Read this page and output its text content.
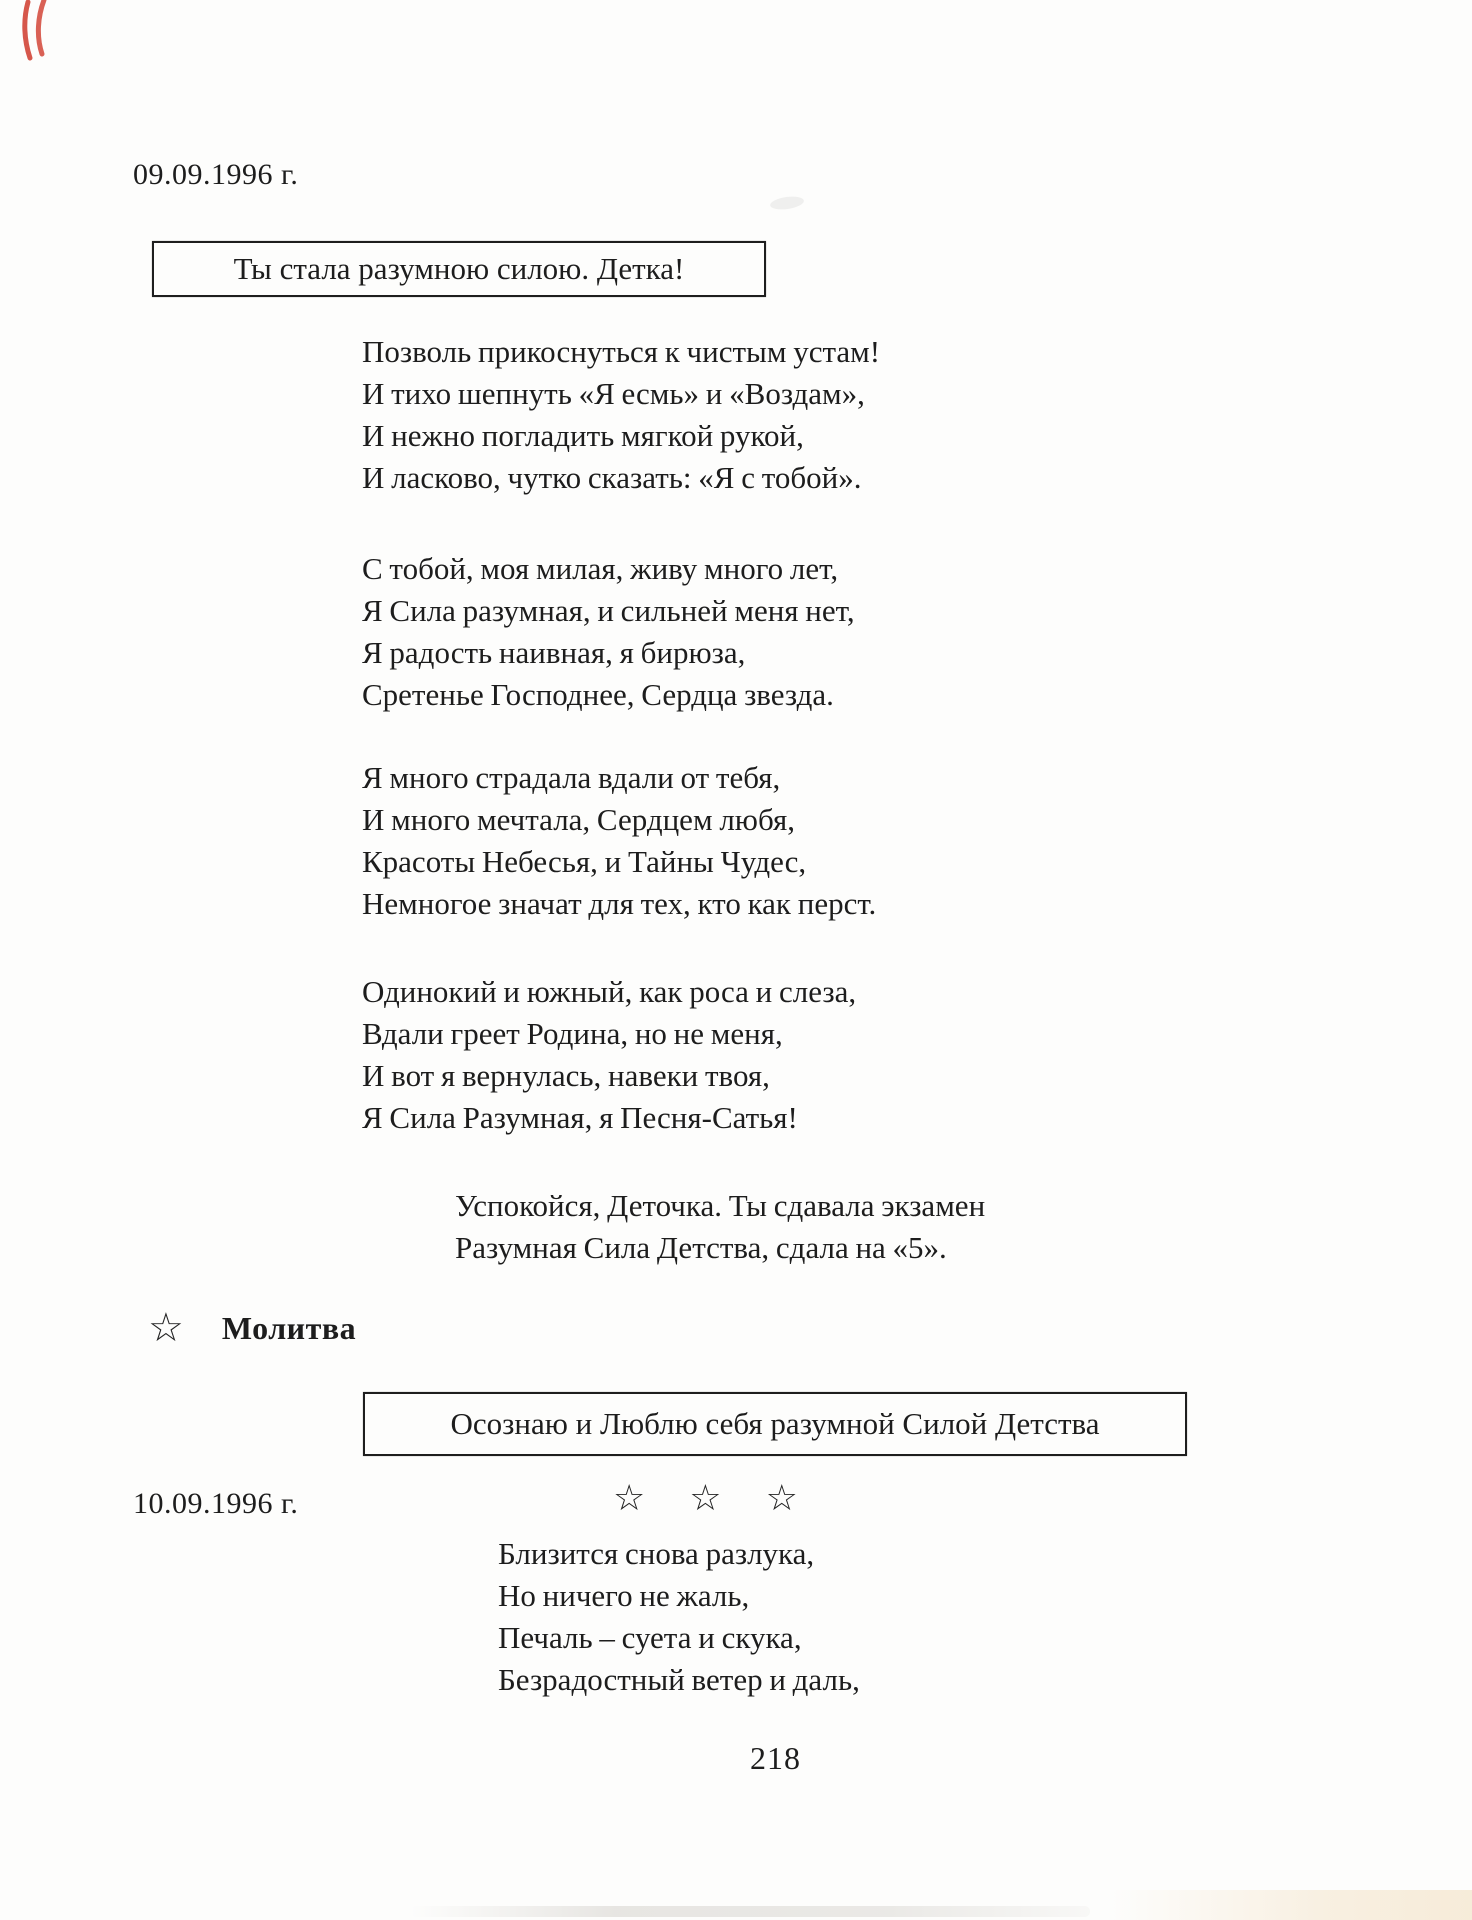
09.09.1996 г.
Ты стала разумною силою. Детка!
Позволь прикоснуться к чистым устам!
И тихо шепнуть «Я есмь» и «Воздам»,
И нежно погладить мягкой рукой,
И ласково, чутко сказать: «Я с тобой».
С тобой, моя милая, живу много лет,
Я Сила разумная, и сильней меня нет,
Я радость наивная, я бирюза,
Сретенье Господнее, Сердца звезда.
Я много страдала вдали от тебя,
И много мечтала, Сердцем любя,
Красоты Небесья, и Тайны Чудес,
Немногое значат для тех, кто как перст.
Одинокий и южный, как роса и слеза,
Вдали греет Родина, но не меня,
И вот я вернулась, навеки твоя,
Я Сила Разумная, я Песня-Сатья!
Успокойся, Деточка. Ты сдавала экзамен
Разумная Сила Детства, сдала на «5».
☆ Молитва
Осознаю и Люблю себя разумной Силой Детства
10.09.1996 г.	☆ ☆ ☆
Близится снова разлука,
Но ничего не жаль,
Печаль – суета и скука,
Безрадостный ветер и даль,
218
